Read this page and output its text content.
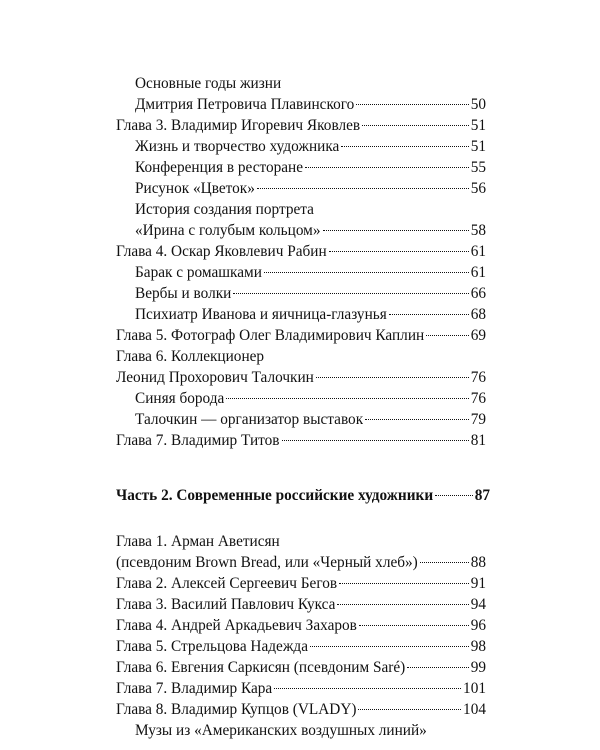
Основные годы жизни
Дмитрия Петровича Плавинского	50
Глава 3. Владимир Игоревич Яковлев	51
Жизнь и творчество художника	51
Конференция в ресторане	55
Рисунок «Цветок»	56
История создания портрета
«Ирина с голубым кольцом»	58
Глава 4. Оскар Яковлевич Рабин	61
Барак с ромашками	61
Вербы и волки	66
Психиатр Иванова и яичница-глазунья	68
Глава 5. Фотограф Олег Владимирович Каплин	69
Глава 6. Коллекционер
Леонид Прохорович Талочкин	76
Синяя борода	76
Талочкин — организатор выставок	79
Глава 7. Владимир Титов	81
Часть 2. Современные российские художники	87
Глава 1. Арман Аветисян
(псевдоним Brown Bread, или «Черный хлеб»)	88
Глава 2. Алексей Сергеевич Бегов	91
Глава 3. Василий Павлович Кукса	94
Глава 4. Андрей Аркадьевич Захаров	96
Глава 5. Стрельцова Надежда	98
Глава 6. Евгения Саркисян (псевдоним Saré)	99
Глава 7. Владимир Кара	101
Глава 8. Владимир Купцов (VLADY)	104
Музы из «Американских воздушных линий»
